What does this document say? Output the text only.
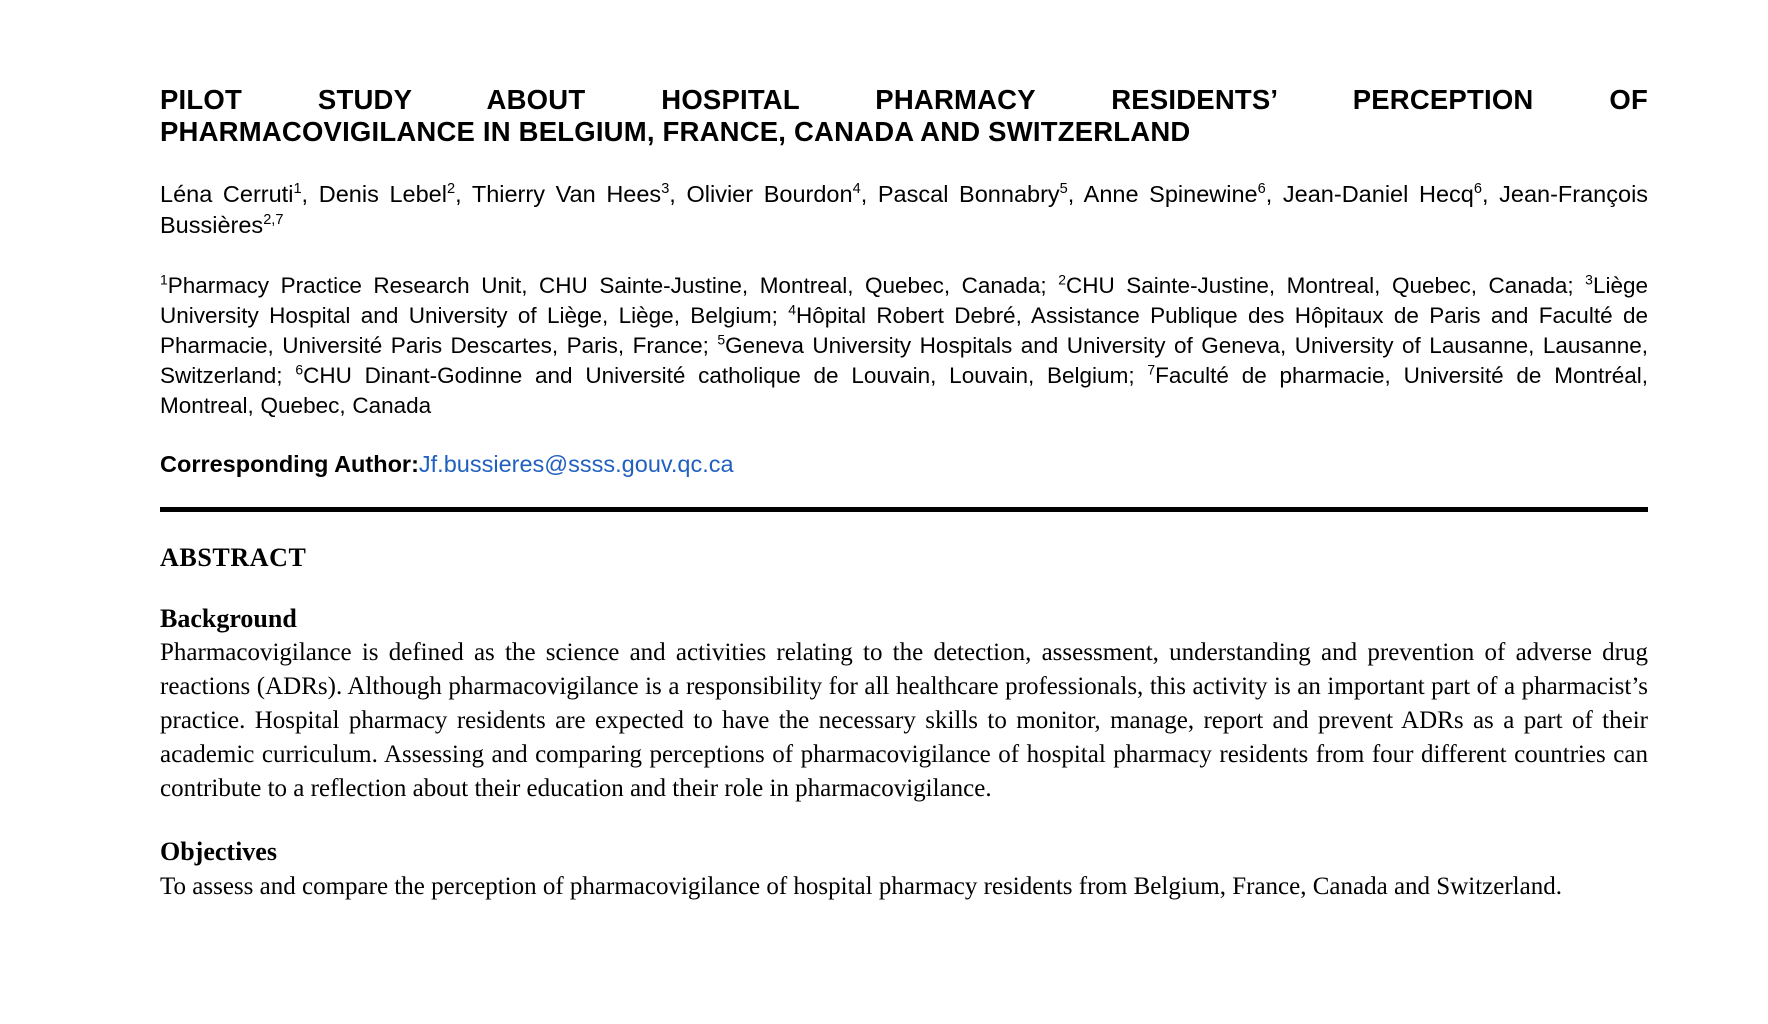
PILOT STUDY ABOUT HOSPITAL PHARMACY RESIDENTS’ PERCEPTION OF
PHARMACOVIGILANCE IN BELGIUM, FRANCE, CANADA AND SWITZERLAND

Léna Cerruti$^1$, Denis Lebel$^2$, Thierry Van Hees$^3$, Olivier Bourdon$^4$, Pascal Bonnabry$^5$, Anne Spinewine$^6$, Jean-Daniel Hecq$^6$, Jean-François Bussières$^{2,7}$

$^1$Pharmacy Practice Research Unit, CHU Sainte-Justine, Montreal, Quebec, Canada; $^2$CHU Sainte-Justine, Montreal, Quebec, Canada; $^3$Liège University Hospital and University of Liège, Liège, Belgium; $^4$Hôpital Robert Debré, Assistance Publique des Hôpitaux de Paris and Faculté de Pharmacie, Université Paris Descartes, Paris, France; $^5$Geneva University Hospitals and University of Geneva, University of Lausanne, Lausanne, Switzerland; $^6$CHU Dinant-Godinne and Université catholique de Louvain, Louvain, Belgium; $^7$Faculté de pharmacie, Université de Montréal, Montreal, Quebec, Canada

Corresponding Author:Jf.bussieres@ssss.gouv.qc.ca

ABSTRACT
Background

Pharmacovigilance is defined as the science and activities relating to the detection, assessment, understanding and prevention of adverse drug reactions (ADRs). Although pharmacovigilance is a responsibility for all healthcare professionals, this activity is an important part of a pharmacist’s practice. Hospital pharmacy residents are expected to have the necessary skills to monitor, manage, report and prevent ADRs as a part of their academic curriculum. Assessing and comparing perceptions of pharmacovigilance of hospital pharmacy residents from four different countries can contribute to a reflection about their education and their role in pharmacovigilance.

Objectives

To assess and compare the perception of pharmacovigilance of hospital pharmacy residents from Belgium, France, Canada and Switzerland.
